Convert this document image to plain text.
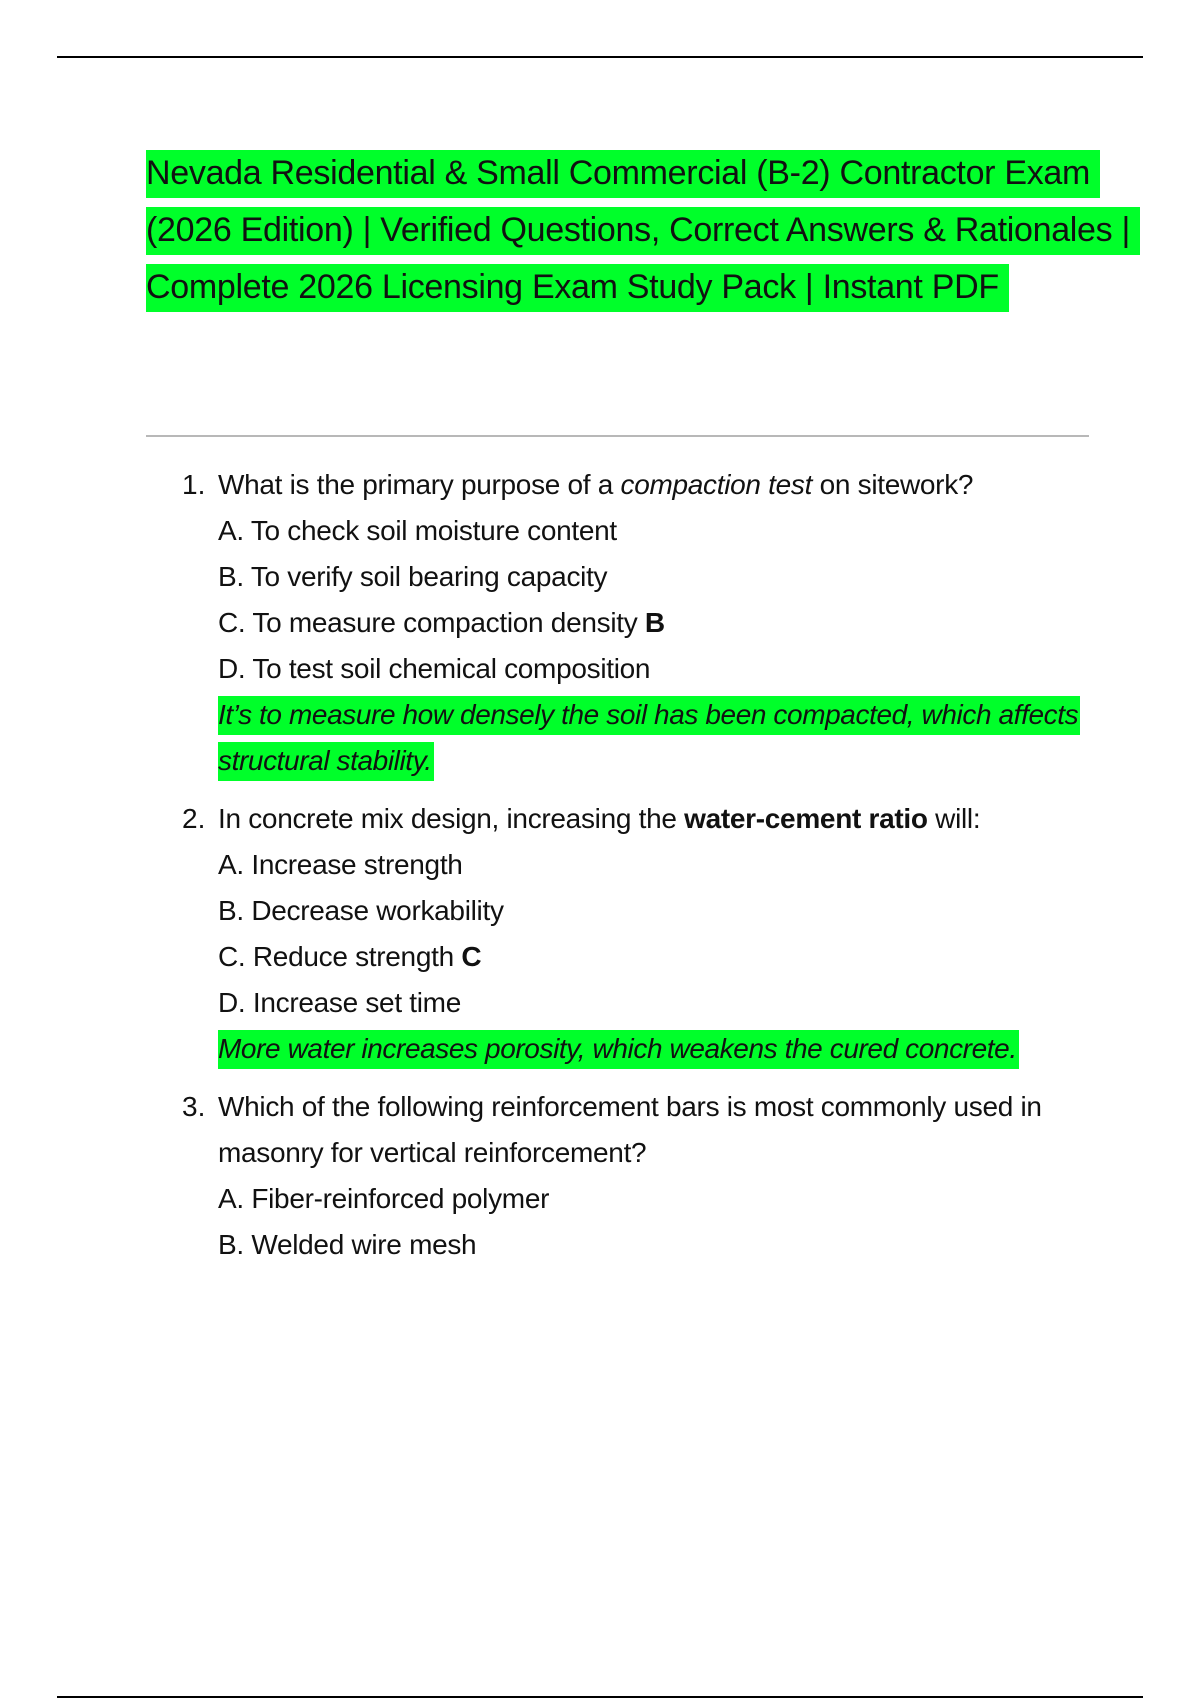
Nevada Residential & Small Commercial (B-2) Contractor Exam (2026 Edition) | Verified Questions, Correct Answers & Rationales | Complete 2026 Licensing Exam Study Pack | Instant PDF
1. What is the primary purpose of a compaction test on sitework?
A. To check soil moisture content
B. To verify soil bearing capacity
C. To measure compaction density B
D. To test soil chemical composition
It’s to measure how densely the soil has been compacted, which affects structural stability.
2. In concrete mix design, increasing the water-cement ratio will:
A. Increase strength
B. Decrease workability
C. Reduce strength C
D. Increase set time
More water increases porosity, which weakens the cured concrete.
3. Which of the following reinforcement bars is most commonly used in masonry for vertical reinforcement?
A. Fiber-reinforced polymer
B. Welded wire mesh
